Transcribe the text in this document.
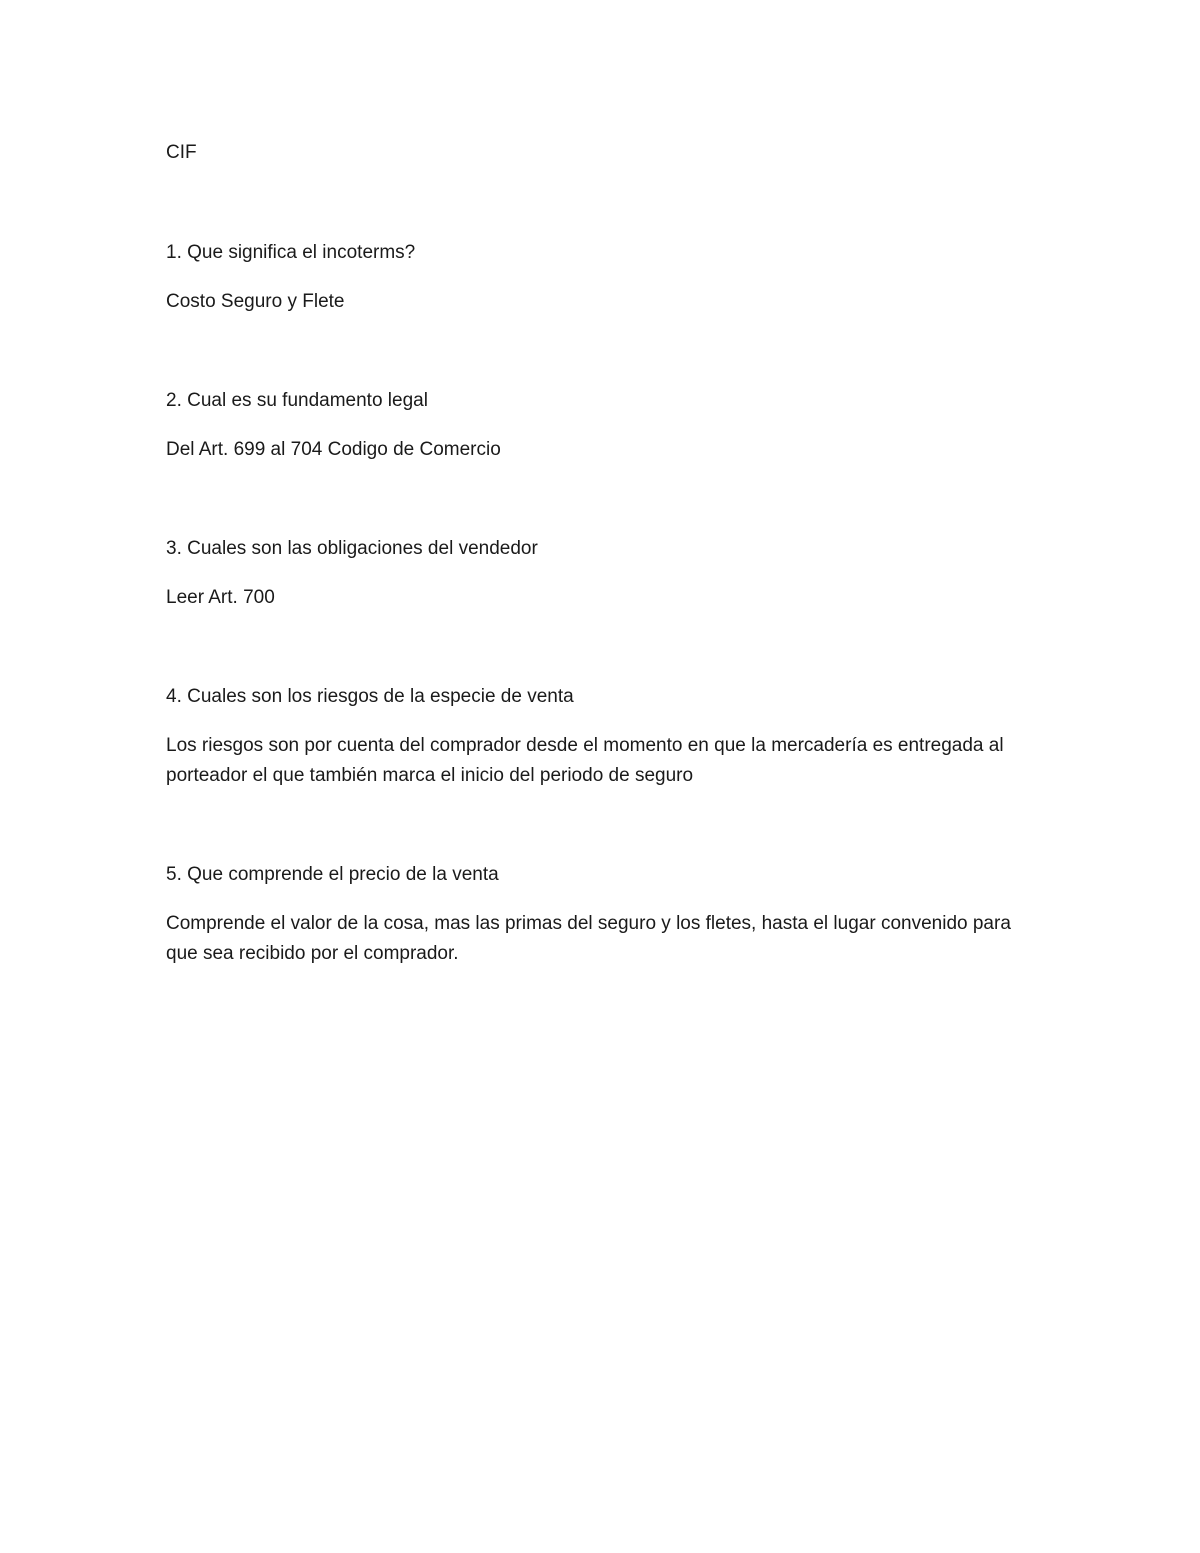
CIF

1. Que significa el incoterms?

Costo Seguro y Flete

2. Cual es su fundamento legal

Del Art. 699 al 704 Codigo de Comercio

3. Cuales son las obligaciones del vendedor

Leer Art. 700

4. Cuales son los riesgos de la especie de venta

Los riesgos son por cuenta del comprador desde el momento en que la mercadería es entregada al porteador el que también marca el inicio del periodo de seguro

5. Que comprende el precio de la venta

Comprende el valor de la cosa, mas las primas del seguro y los fletes, hasta el lugar convenido para que sea recibido por el comprador.
